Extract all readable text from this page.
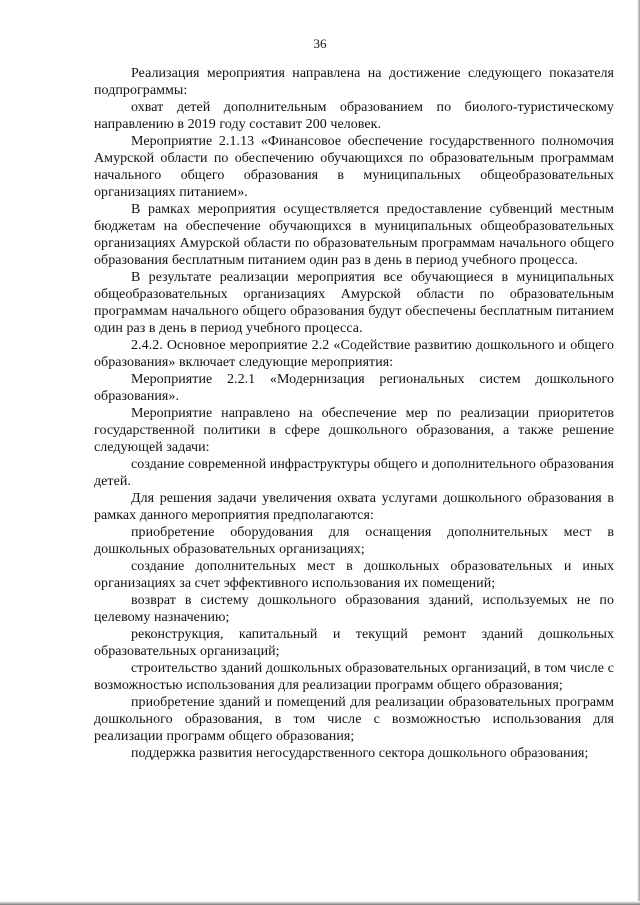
36

Реализация мероприятия направлена на достижение следующего показателя подпрограммы:

охват детей дополнительным образованием по биолого-туристическому направлению в 2019 году составит 200 человек.

Мероприятие 2.1.13 «Финансовое обеспечение государственного полномочия Амурской области по обеспечению обучающихся по образовательным программам начального общего образования в муниципальных общеобразовательных организациях питанием».

В рамках мероприятия осуществляется предоставление субвенций местным бюджетам на обеспечение обучающихся в муниципальных общеобразовательных организациях Амурской области по образовательным программам начального общего образования бесплатным питанием один раз в день в период учебного процесса.

В результате реализации мероприятия все обучающиеся в муниципальных общеобразовательных организациях Амурской области по образовательным программам начального общего образования будут обеспечены бесплатным питанием один раз в день в период учебного процесса.

2.4.2. Основное мероприятие 2.2 «Содействие развитию дошкольного и общего образования» включает следующие мероприятия:

Мероприятие 2.2.1 «Модернизация региональных систем дошкольного образования».

Мероприятие направлено на обеспечение мер по реализации приоритетов государственной политики в сфере дошкольного образования, а также решение следующей задачи:

создание современной инфраструктуры общего и дополнительного образования детей.

Для решения задачи увеличения охвата услугами дошкольного образования в рамках данного мероприятия предполагаются:

приобретение оборудования для оснащения дополнительных мест в дошкольных образовательных организациях;

создание дополнительных мест в дошкольных образовательных и иных организациях за счет эффективного использования их помещений;

возврат в систему дошкольного образования зданий, используемых не по целевому назначению;

реконструкция, капитальный и текущий ремонт зданий дошкольных образовательных организаций;

строительство зданий дошкольных образовательных организаций, в том числе с возможностью использования для реализации программ общего образования;

приобретение зданий и помещений для реализации образовательных программ дошкольного образования, в том числе с возможностью использования для реализации программ общего образования;

поддержка развития негосударственного сектора дошкольного образования;
